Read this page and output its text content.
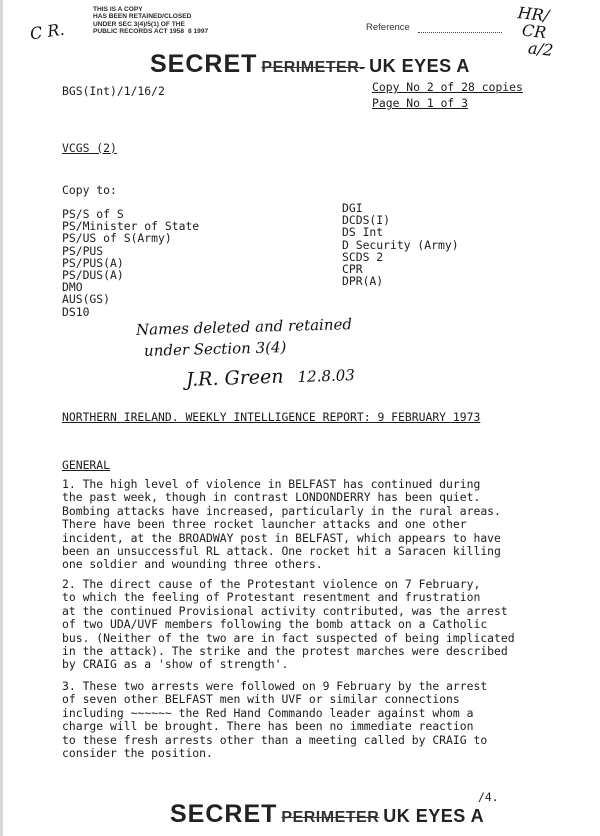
THIS IS A COPY
HAS BEEN RETAINED/CLOSED
UNDER SEC 3(4)/5(1) OF THE
PUBLIC RECORDS ACT 1958 8 1997
C R.	Reference
HR/
CR
a/2
SECRET PERIMETER- UK EYES A
BGS(Int)/1/16/2	Copy No 2 of 28 copies
Page No 1 of 3
VCGS (2)
Copy to:
PS/S of S
PS/Minister of State
PS/US of S(Army)
PS/PUS
PS/PUS(A)
PS/DUS(A)
DMO
AUS(GS)
DS10
DGI
DCDS(I)
DS Int
D Security (Army)
SCDS 2
CPR
DPR(A)
Names deleted and retained
under Section 3(4)
J.R. Green 12.8.03
NORTHERN IRELAND. WEEKLY INTELLIGENCE REPORT: 9 FEBRUARY 1973
GENERAL
1. The high level of violence in BELFAST has continued during
the past week, though in contrast LONDONDERRY has been quiet.
Bombing attacks have increased, particularly in the rural areas.
There have been three rocket launcher attacks and one other
incident, at the BROADWAY post in BELFAST, which appears to have
been an unsuccessful RL attack. One rocket hit a Saracen killing
one soldier and wounding three others.
2. The direct cause of the Protestant violence on 7 February,
to which the feeling of Protestant resentment and frustration
at the continued Provisional activity contributed, was the arrest
of two UDA/UVF members following the bomb attack on a Catholic
bus. (Neither of the two are in fact suspected of being implicated
in the attack). The strike and the protest marches were described
by CRAIG as a 'show of strength'.
3. These two arrests were followed on 9 February by the arrest
of seven other BELFAST men with UVF or similar connections
including ~~~~~~ the Red Hand Commando leader against whom a
charge will be brought. There has been no immediate reaction
to these fresh arrests other than a meeting called by CRAIG to
consider the position.
/4.
SECRET PERIMETER UK EYES A
